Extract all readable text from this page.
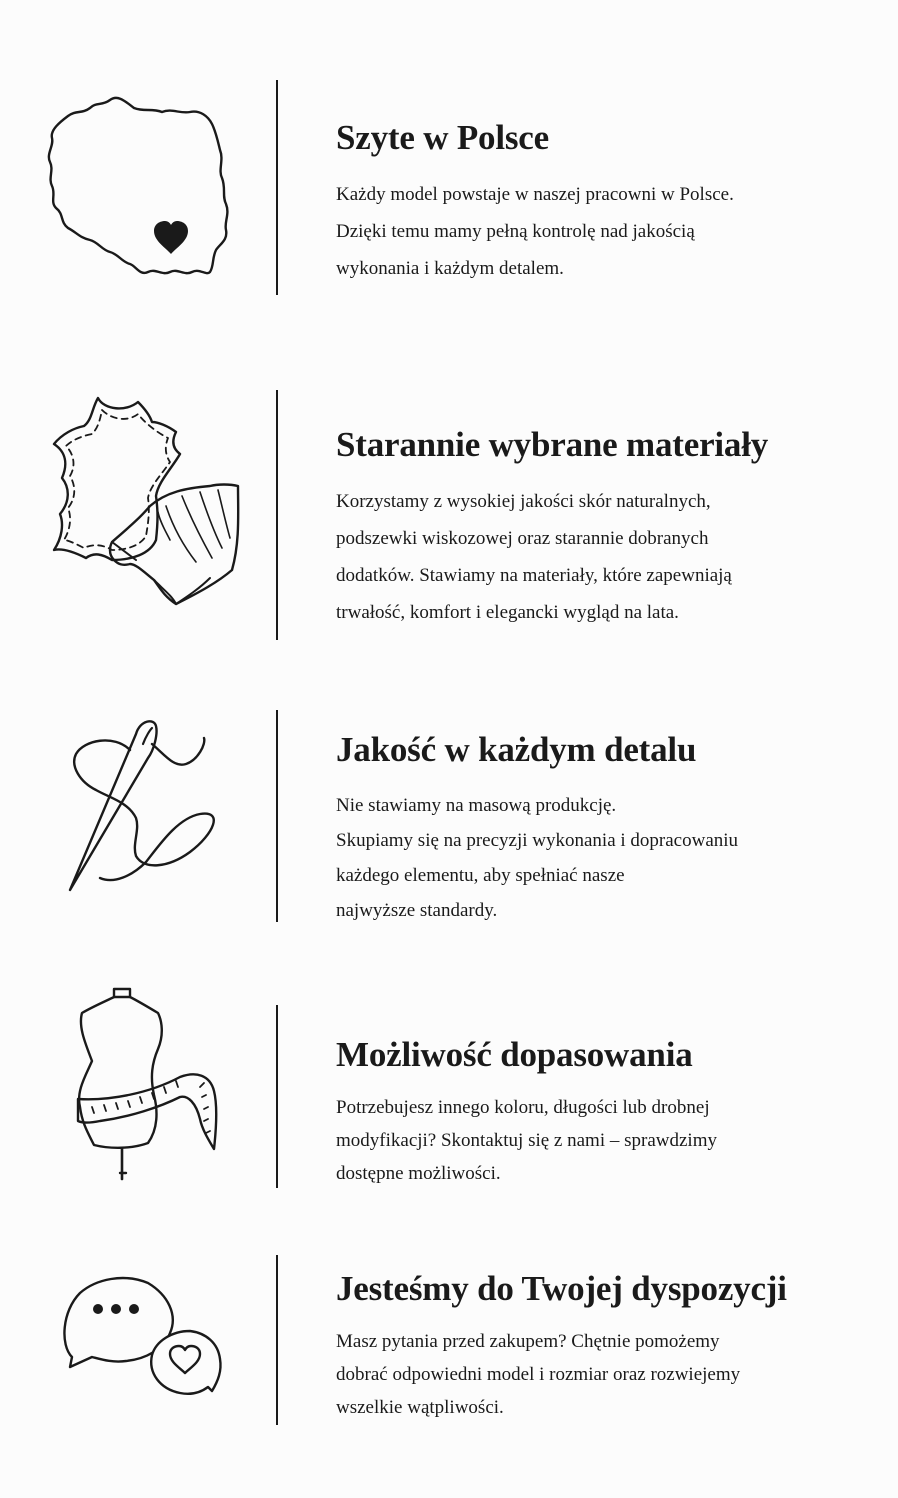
Szyte w Polsce
Każdy model powstaje w naszej pracowni w Polsce.
Dzięki temu mamy pełną kontrolę nad jakością
wykonania i każdym detalem.
Starannie wybrane materiały
Korzystamy z wysokiej jakości skór naturalnych,
podszewki wiskozowej oraz starannie dobranych
dodatków. Stawiamy na materiały, które zapewniają
trwałość, komfort i elegancki wygląd na lata.
Jakość w każdym detalu
Nie stawiamy na masową produkcję.
Skupiamy się na precyzji wykonania i dopracowaniu
każdego elementu, aby spełniać nasze
najwyższe standardy.
Możliwość dopasowania
Potrzebujesz innego koloru, długości lub drobnej
modyfikacji? Skontaktuj się z nami – sprawdzimy
dostępne możliwości.
Jesteśmy do Twojej dyspozycji
Masz pytania przed zakupem? Chętnie pomożemy
dobrać odpowiedni model i rozmiar oraz rozwiejemy
wszelkie wątpliwości.
